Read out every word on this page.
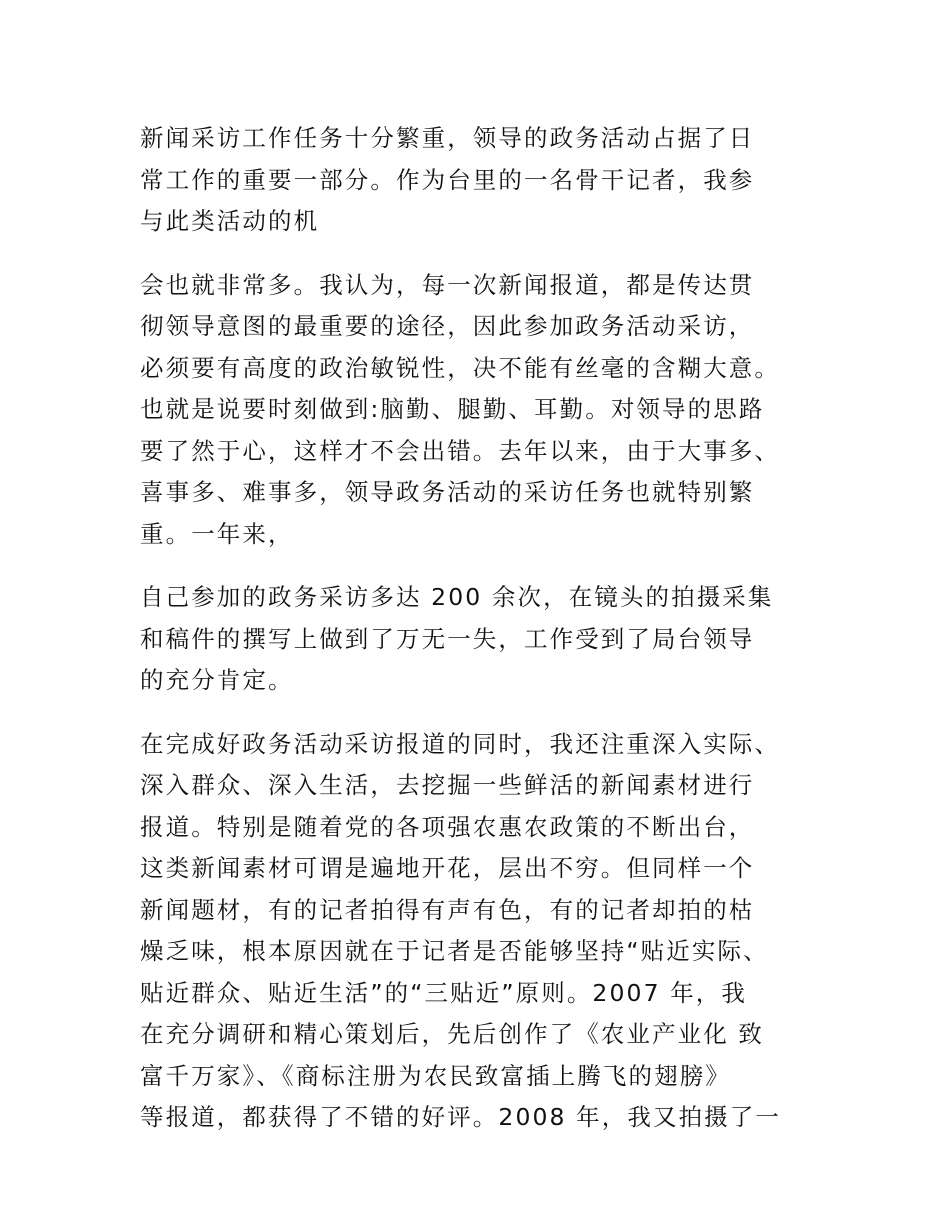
新闻采访工作任务十分繁重，领导的政务活动占据了日
常工作的重要一部分。作为台里的一名骨干记者，我参
与此类活动的机

会也就非常多。我认为，每一次新闻报道，都是传达贯
彻领导意图的最重要的途径，因此参加政务活动采访，
必须要有高度的政治敏锐性，决不能有丝毫的含糊大意。
也就是说要时刻做到:脑勤、腿勤、耳勤。对领导的思路
要了然于心，这样才不会出错。去年以来，由于大事多、
喜事多、难事多，领导政务活动的采访任务也就特别繁
重。一年来，

自己参加的政务采访多达 200 余次，在镜头的拍摄采集
和稿件的撰写上做到了万无一失，工作受到了局台领导
的充分肯定。

在完成好政务活动采访报道的同时，我还注重深入实际、
深入群众、深入生活，去挖掘一些鲜活的新闻素材进行
报道。特别是随着党的各项强农惠农政策的不断出台，
这类新闻素材可谓是遍地开花，层出不穷。但同样一个
新闻题材，有的记者拍得有声有色，有的记者却拍的枯
燥乏味，根本原因就在于记者是否能够坚持“贴近实际、
贴近群众、贴近生活”的“三贴近”原则。2007 年，我
在充分调研和精心策划后，先后创作了《农业产业化 致
富千万家》、《商标注册为农民致富插上腾飞的翅膀》
等报道，都获得了不错的好评。2008 年，我又拍摄了一
